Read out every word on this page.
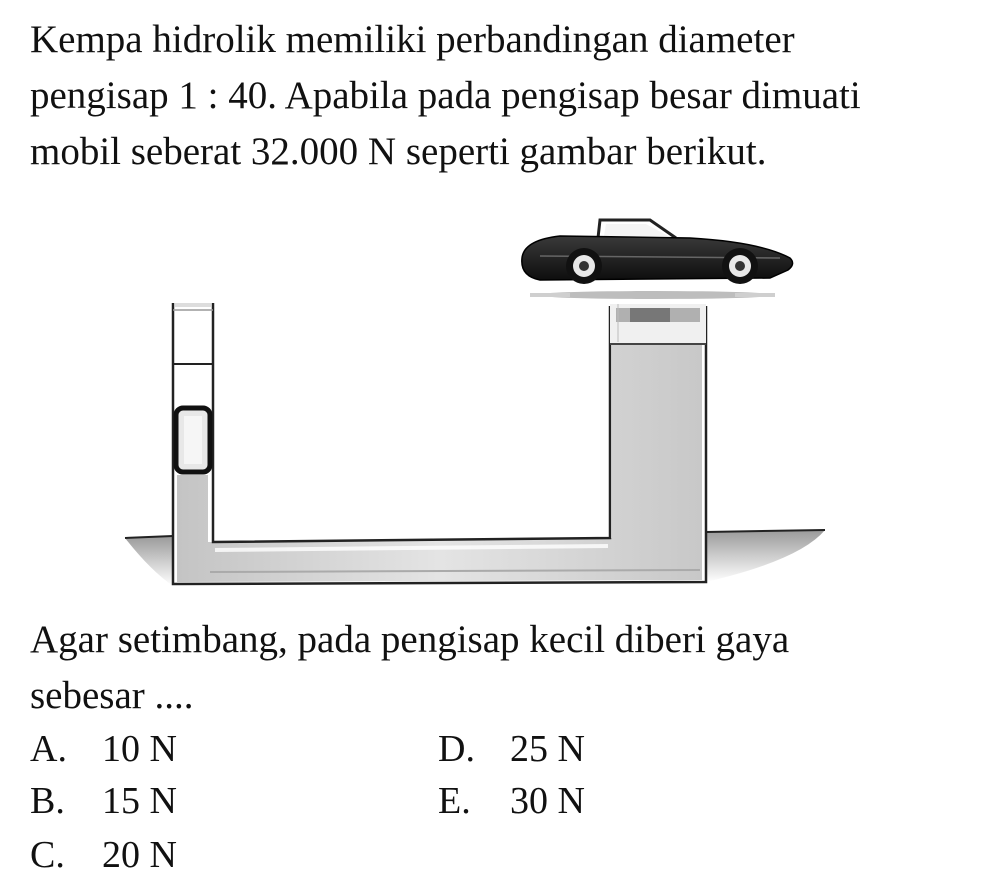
Kempa hidrolik memiliki perbandingan diameter
pengisap 1 : 40. Apabila pada pengisap besar dimuati
mobil seberat 32.000 N seperti gambar berikut.
Agar setimbang, pada pengisap kecil diberi gaya
sebesar ....
A. 10 N
B. 15 N
C. 20 N
D. 25 N
E. 30 N
